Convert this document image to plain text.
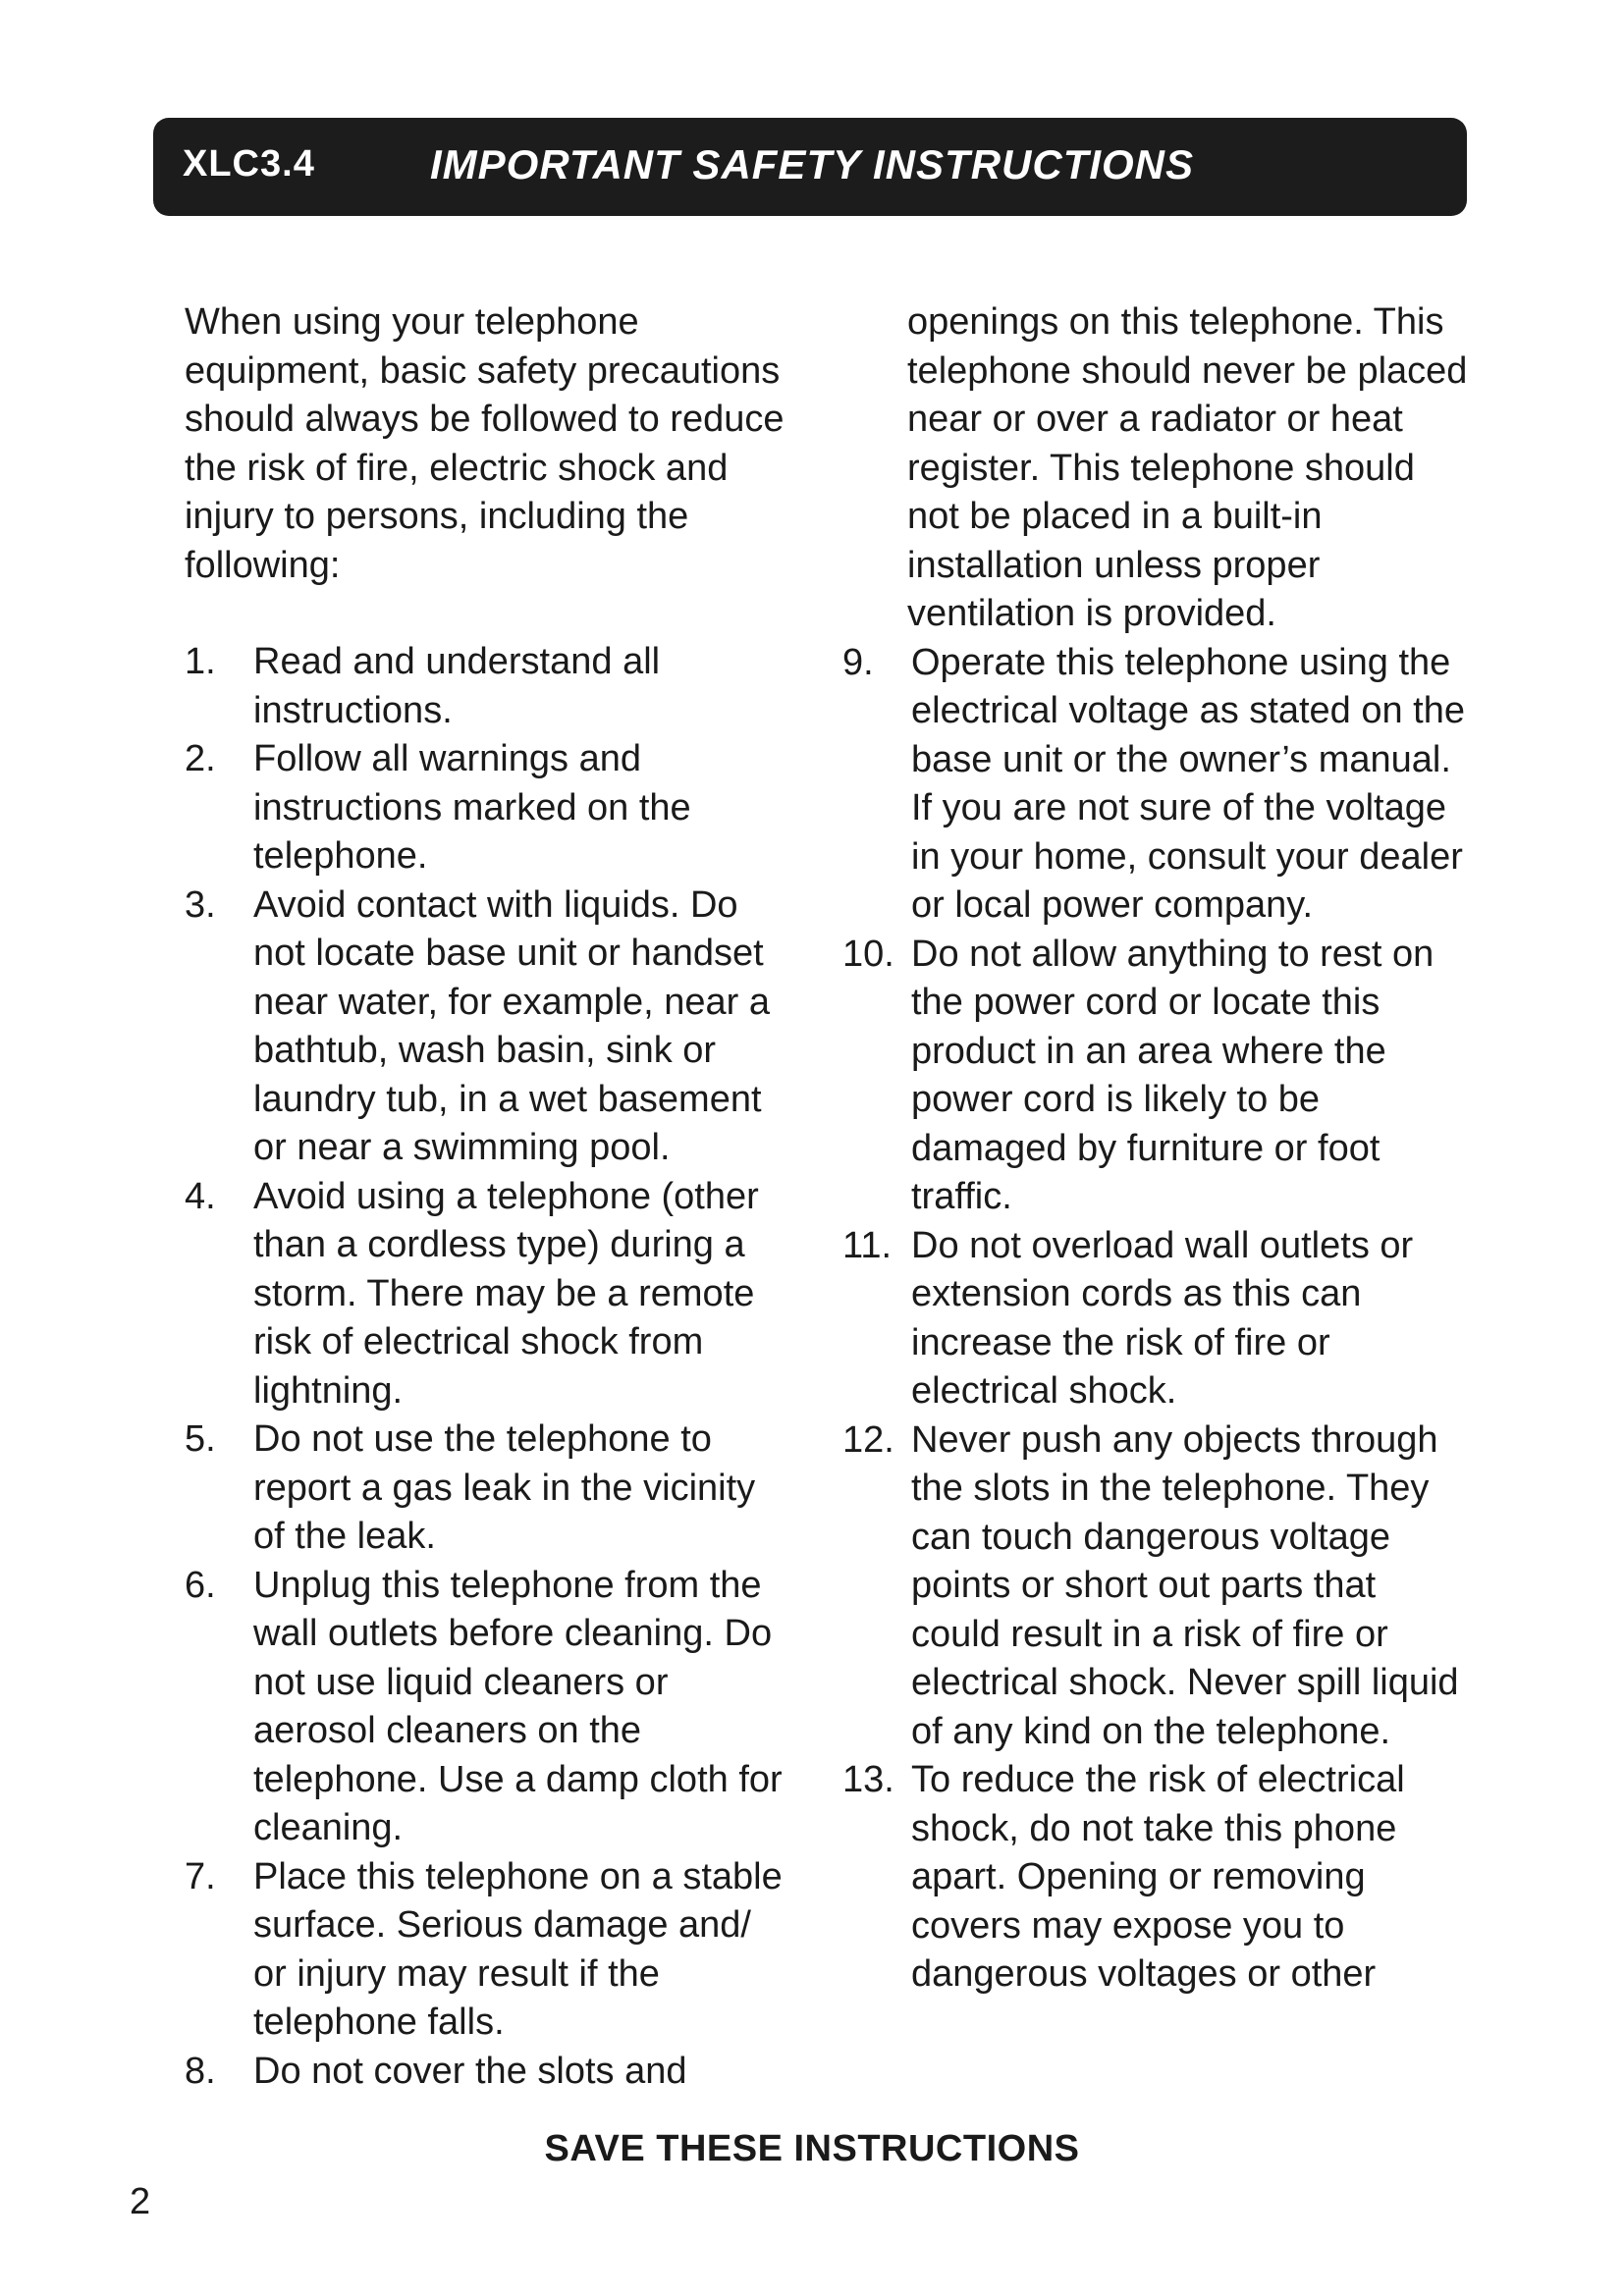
XLC3.4	IMPORTANT SAFETY INSTRUCTIONS

When using your telephone equipment, basic safety precautions should always be followed to reduce the risk of fire, electric shock and injury to persons, including the following:

1. Read and understand all instructions.
2. Follow all warnings and instructions marked on the telephone.
3. Avoid contact with liquids. Do not locate base unit or handset near water, for example, near a bathtub, wash basin, sink or laundry tub, in a wet basement or near a swimming pool.
4. Avoid using a telephone (other than a cordless type) during a storm. There may be a remote risk of electrical shock from lightning.
5. Do not use the telephone to report a gas leak in the vicinity of the leak.
6. Unplug this telephone from the wall outlets before cleaning. Do not use liquid cleaners or aerosol cleaners on the telephone. Use a damp cloth for cleaning.
7. Place this telephone on a stable surface. Serious damage and/ or injury may result if the telephone falls.
8. Do not cover the slots and

openings on this telephone. This telephone should never be placed near or over a radiator or heat register. This telephone should not be placed in a built-in installation unless proper ventilation is provided.

9. Operate this telephone using the electrical voltage as stated on the base unit or the owner’s manual. If you are not sure of the voltage in your home, consult your dealer or local power company.
10. Do not allow anything to rest on the power cord or locate this product in an area where the power cord is likely to be damaged by furniture or foot traffic.
11. Do not overload wall outlets or extension cords as this can increase the risk of fire or electrical shock.
12. Never push any objects through the slots in the telephone. They can touch dangerous voltage points or short out parts that could result in a risk of fire or electrical shock. Never spill liquid of any kind on the telephone.
13. To reduce the risk of electrical shock, do not take this phone apart. Opening or removing covers may expose you to dangerous voltages or other
SAVE THESE INSTRUCTIONS
2
